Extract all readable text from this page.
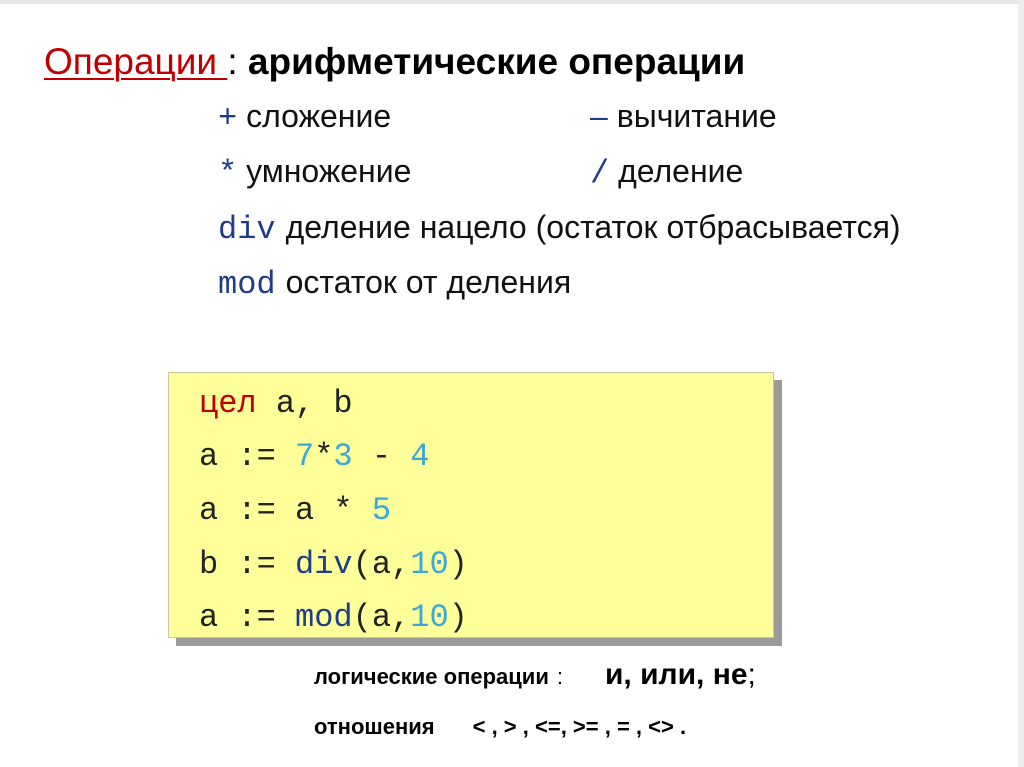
Операции : арифметические операции
+ сложение	– вычитание
* умножение	/ деление
div деление нацело (остаток отбрасывается)
mod остаток от деления
цел a, b
a := 7*3 - 4
a := a * 5
b := div(a,10)
a := mod(a,10)
логические операции : и, или, не;
отношения < , > , <=, >= , = , <> .
